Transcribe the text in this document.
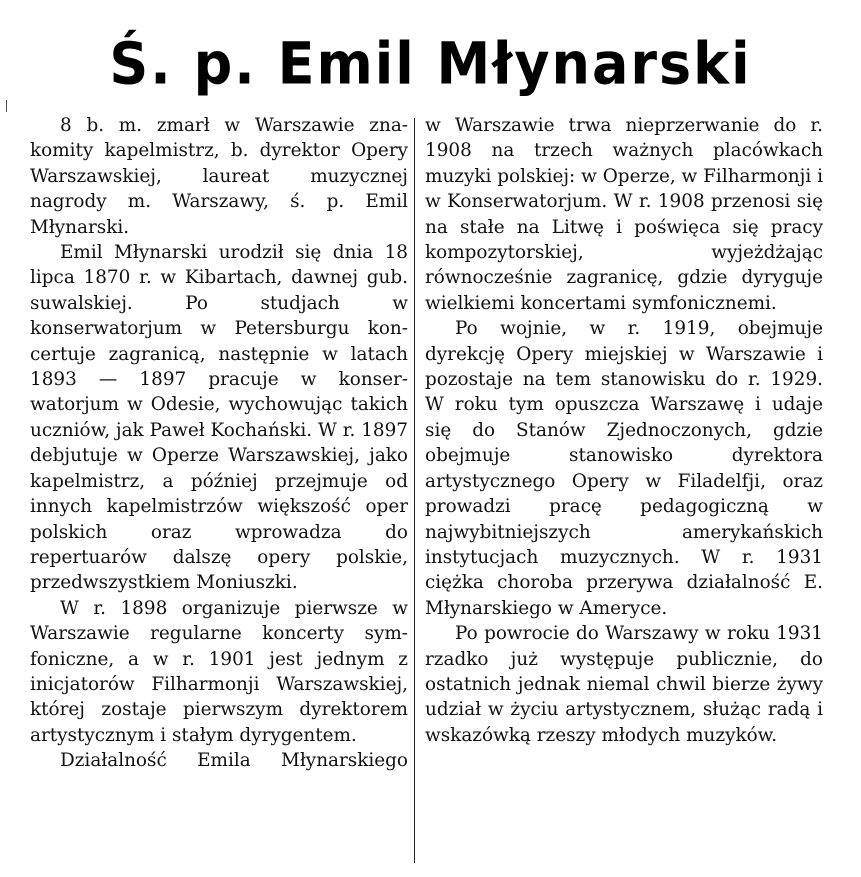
Ś. p. Emil Młynarski

8 b. m. zmarł w Warszawie znakomity kapelmistrz, b. dyrektor Opery Warszawskiej, laureat muzycznej nagrody m. Warszawy, ś. p. Emil Młynarski.

Emil Młynarski urodził się dnia 18 lipca 1870 r. w Kibartach, dawnej gub. suwalskiej. Po studjach w konserwatorjum w Petersburgu koncertuje zagranicą, następnie w latach 1893 — 1897 pracuje w konserwatorjum w Odesie, wychowując takich uczniów, jak Paweł Kochański. W r. 1897 debjutuje w Operze Warszawskiej, jako kapelmistrz, a później przejmuje od innych kapelmistrzów większość oper polskich oraz wprowadza do repertuarów dalszę opery polskie, przedwszystkiem Moniuszki.

W r. 1898 organizuje pierwsze w Warszawie regularne koncerty symfoniczne, a w r. 1901 jest jednym z inicjatorów Filharmonji Warszawskiej, której zostaje pierwszym dyrektorem artystycznym i stałym dyrygentem.

Działalność Emila Młynarskiego

w Warszawie trwa nieprzerwanie do r. 1908 na trzech ważnych placówkach muzyki polskiej: w Operze, w Filharmonji i w Konserwatorjum. W r. 1908 przenosi się na stałe na Litwę i poświęca się pracy kompozytorskiej, wyjeżdżając równocześnie zagranicę, gdzie dyryguje wielkiemi koncertami symfonicznemi.

Po wojnie, w r. 1919, obejmuje dyrekcję Opery miejskiej w Warszawie i pozostaje na tem stanowisku do r. 1929. W roku tym opuszcza Warszawę i udaje się do Stanów Zjednoczonych, gdzie obejmuje stanowisko dyrektora artystycznego Opery w Filadelfji, oraz prowadzi pracę pedagogiczną w najwybitniejszych amerykańskich instytucjach muzycznych. W r. 1931 ciężka choroba przerywa działalność E. Młynarskiego w Ameryce.

Po powrocie do Warszawy w roku 1931 rzadko już występuje publicznie, do ostatnich jednak niemal chwil bierze żywy udział w życiu artystycznem, służąc radą i wskazówką rzeszy młodych muzyków.
